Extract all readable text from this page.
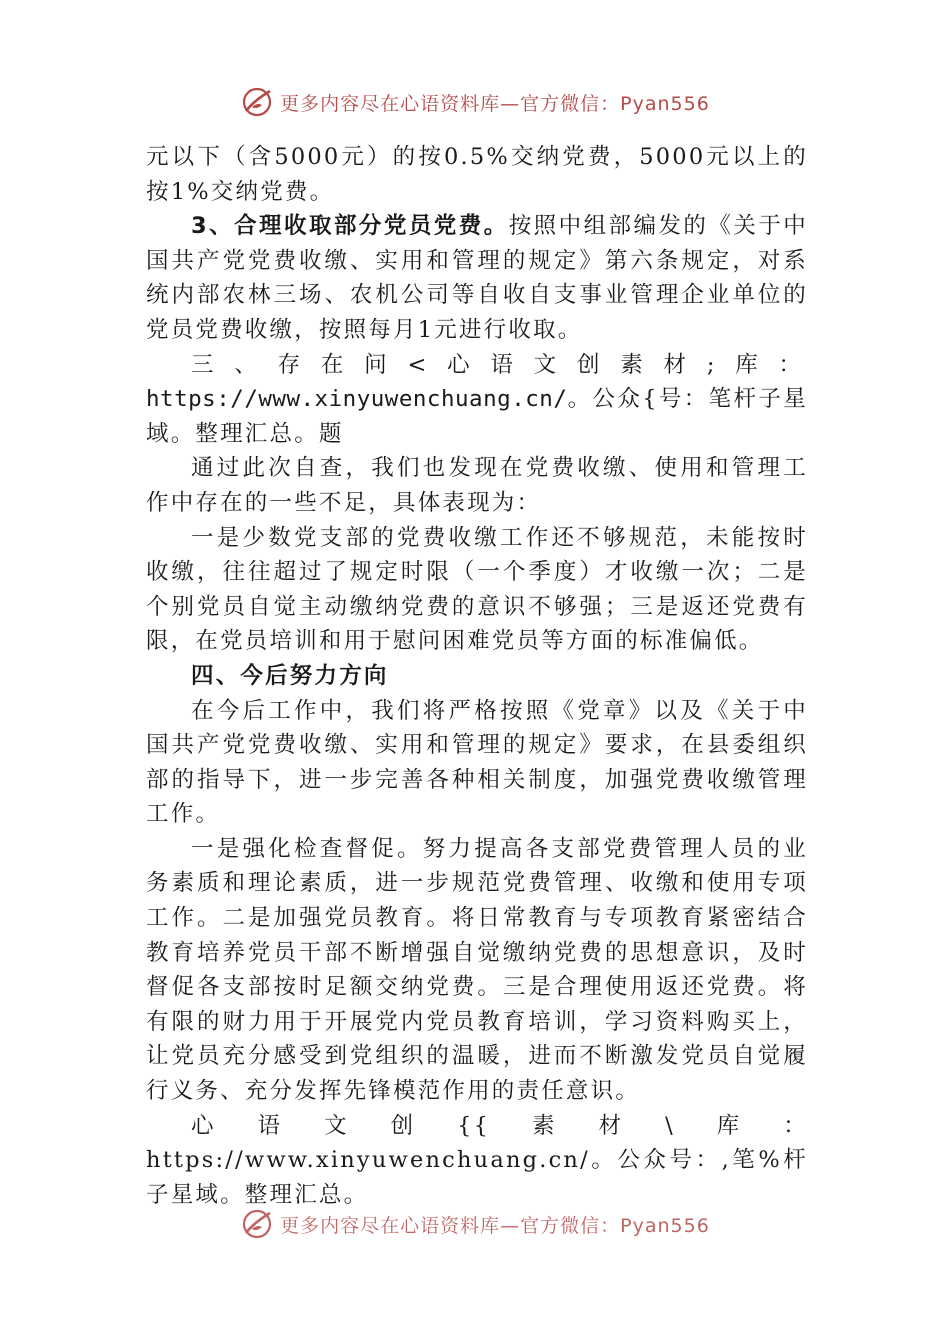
更多内容尽在心语资料库—官方微信：Pyan556

元以下（含5000元）的按0.5%交纳党费，5000元以上的按1%交纳党费。

3、合理收取部分党员党费。按照中组部编发的《关于中国共产党党费收缴、实用和管理的规定》第六条规定，对系统内部农林三场、农机公司等自收自支事业管理企业单位的党员党费收缴，按照每月1元进行收取。

三、存在问<心语文创素材;库：https://www.xinyuwenchuang.cn/。公众{号：笔杆子星域。整理汇总。题

通过此次自查，我们也发现在党费收缴、使用和管理工作中存在的一些不足，具体表现为：

一是少数党支部的党费收缴工作还不够规范，未能按时收缴，往往超过了规定时限（一个季度）才收缴一次；二是个别党员自觉主动缴纳党费的意识不够强；三是返还党费有限，在党员培训和用于慰问困难党员等方面的标准偏低。

四、今后努力方向

在今后工作中，我们将严格按照《党章》以及《关于中国共产党党费收缴、实用和管理的规定》要求，在县委组织部的指导下，进一步完善各种相关制度，加强党费收缴管理工作。

一是强化检查督促。努力提高各支部党费管理人员的业务素质和理论素质，进一步规范党费管理、收缴和使用专项工作。二是加强党员教育。将日常教育与专项教育紧密结合教育培养党员干部不断增强自觉缴纳党费的思想意识，及时督促各支部按时足额交纳党费。三是合理使用返还党费。将有限的财力用于开展党内党员教育培训，学习资料购买上，让党员充分感受到党组织的温暖，进而不断激发党员自觉履行义务、充分发挥先锋模范作用的责任意识。

心语文创{{素材\库：https://www.xinyuwenchuang.cn/。公众号：,笔%杆子星域。整理汇总。

更多内容尽在心语资料库—官方微信：Pyan556
